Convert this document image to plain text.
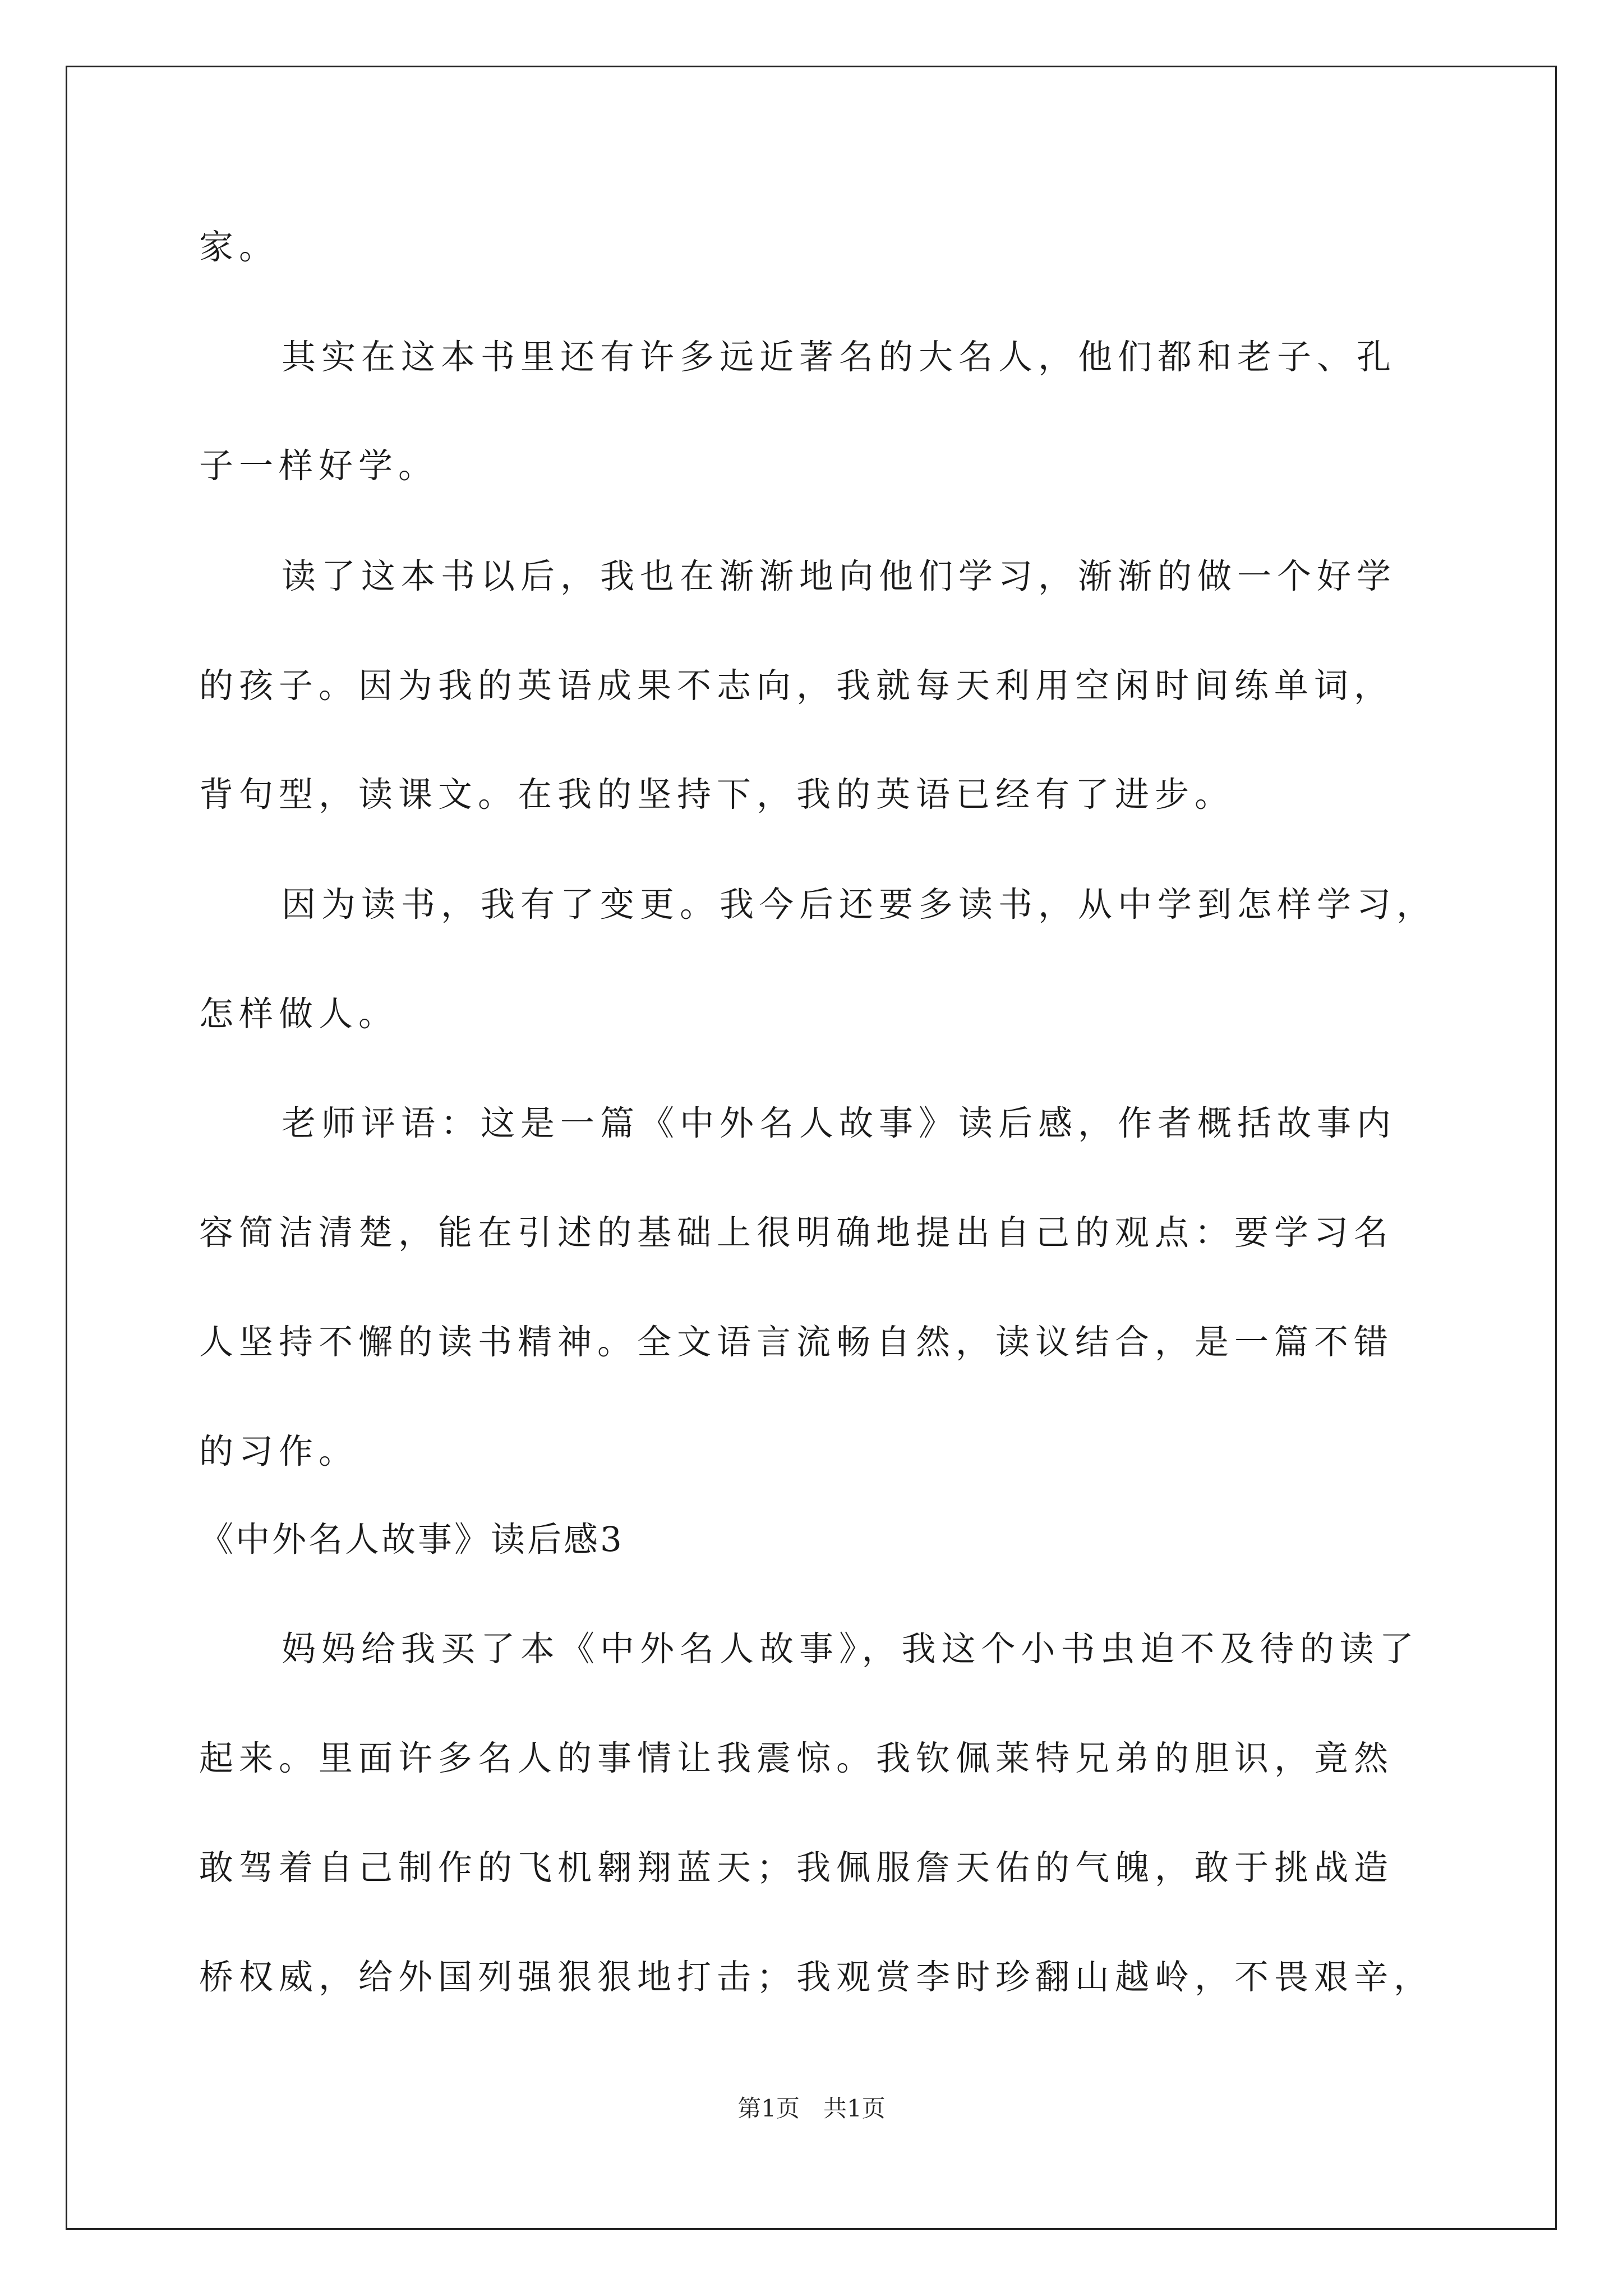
家。
其实在这本书里还有许多远近著名的大名人，他们都和老子、孔
子一样好学。
读了这本书以后，我也在渐渐地向他们学习，渐渐的做一个好学
的孩子。因为我的英语成果不志向，我就每天利用空闲时间练单词，
背句型，读课文。在我的坚持下，我的英语已经有了进步。
因为读书，我有了变更。我今后还要多读书，从中学到怎样学习，
怎样做人。
老师评语：这是一篇《中外名人故事》读后感，作者概括故事内
容简洁清楚，能在引述的基础上很明确地提出自己的观点：要学习名
人坚持不懈的读书精神。全文语言流畅自然，读议结合，是一篇不错
的习作。
《中外名人故事》读后感3
妈妈给我买了本《中外名人故事》，我这个小书虫迫不及待的读了
起来。里面许多名人的事情让我震惊。我钦佩莱特兄弟的胆识，竟然
敢驾着自己制作的飞机翱翔蓝天；我佩服詹天佑的气魄，敢于挑战造
桥权威，给外国列强狠狠地打击；我观赏李时珍翻山越岭，不畏艰辛，
第1页　共1页
